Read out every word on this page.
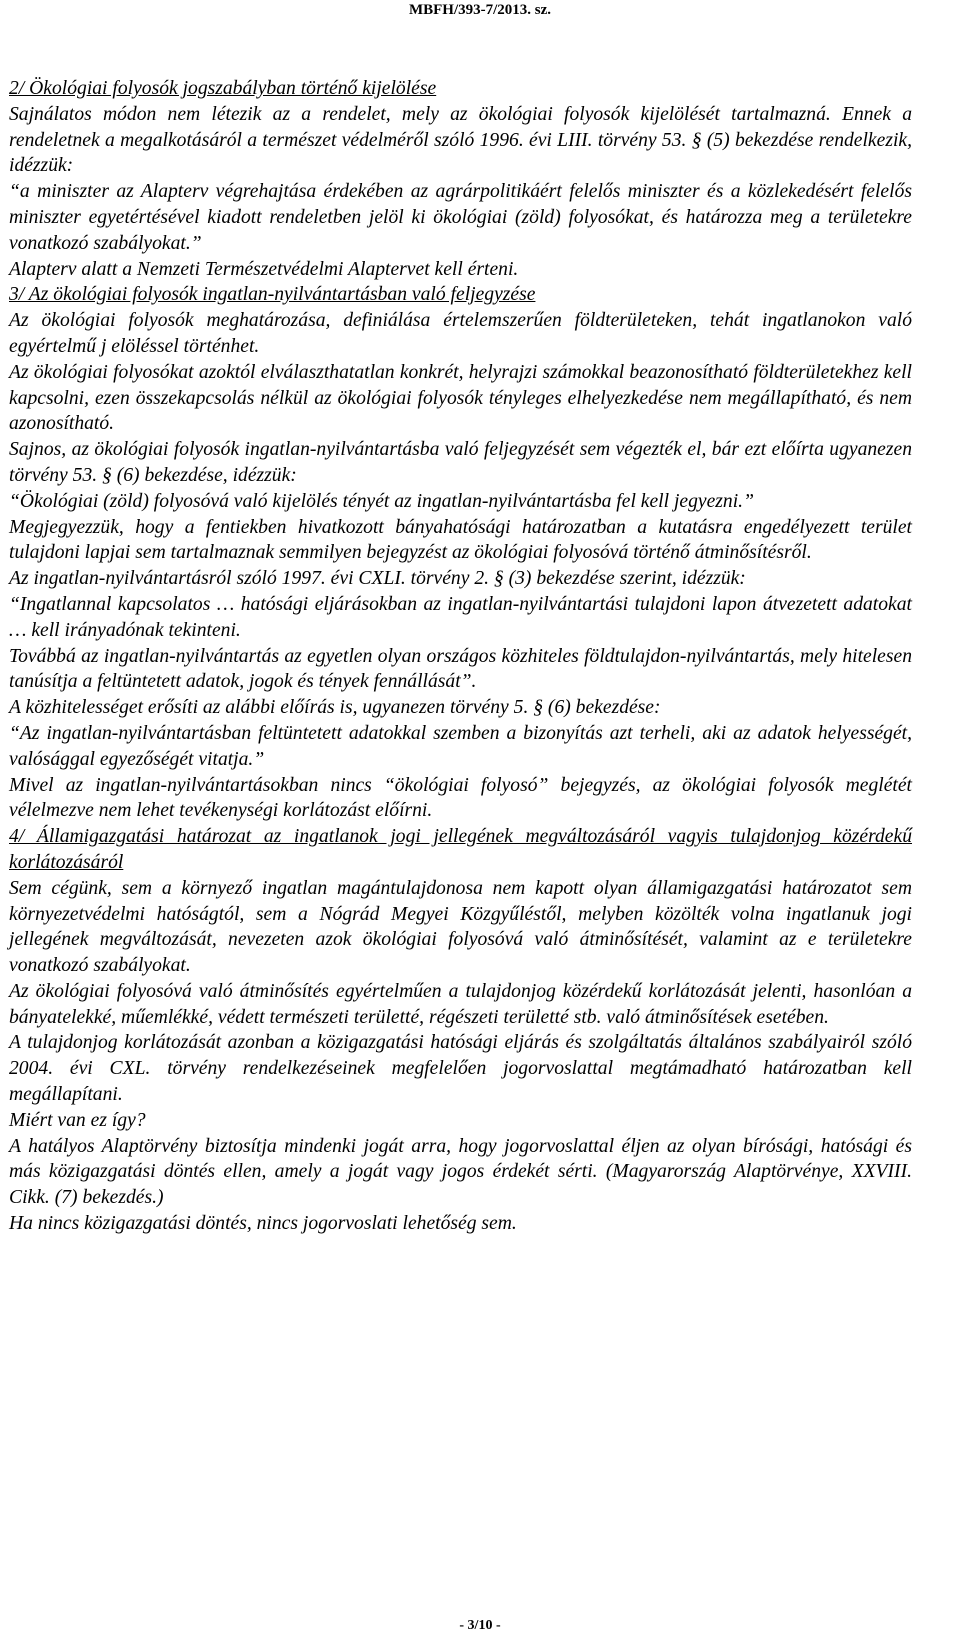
MBFH/393-7/2013. sz.

2/ Ökológiai folyosók jogszabályban történő kijelölése

Sajnálatos módon nem létezik az a rendelet, mely az ökológiai folyosók kijelölését tartalmazná. Ennek a rendeletnek a megalkotásáról a természet védelméről szóló 1996. évi LIII. törvény 53. § (5) bekezdése rendelkezik, idézzük:

“a miniszter az Alapterv végrehajtása érdekében az agrárpolitikáért felelős miniszter és a közlekedésért felelős miniszter egyetértésével kiadott rendeletben jelöl ki ökológiai (zöld) folyosókat, és határozza meg a területekre vonatkozó szabályokat.”

Alapterv alatt a Nemzeti Természetvédelmi Alaptervet kell érteni.

3/ Az ökológiai folyosók ingatlan-nyilvántartásban való feljegyzése

Az ökológiai folyosók meghatározása, definiálása értelemszerűen földterületeken, tehát ingatlanokon való egyértelmű j elöléssel történhet.

Az ökológiai folyosókat azoktól elválaszthatatlan konkrét, helyrajzi számokkal beazonosítható földterületekhez kell kapcsolni, ezen összekapcsolás nélkül az ökológiai folyosók tényleges elhelyezkedése nem megállapítható, és nem azonosítható.

Sajnos, az ökológiai folyosók ingatlan-nyilvántartásba való feljegyzését sem végezték el, bár ezt előírta ugyanezen törvény 53. § (6) bekezdése, idézzük:

“Ökológiai (zöld) folyosóvá való kijelölés tényét az ingatlan-nyilvántartásba fel kell jegyezni.”

Megjegyezzük, hogy a fentiekben hivatkozott bányahatósági határozatban a kutatásra engedélyezett terület tulajdoni lapjai sem tartalmaznak semmilyen bejegyzést az ökológiai folyosóvá történő átminősítésről.

Az ingatlan-nyilvántartásról szóló 1997. évi CXLI. törvény 2. § (3) bekezdése szerint, idézzük:

“Ingatlannal kapcsolatos … hatósági eljárásokban az ingatlan-nyilvántartási tulajdoni lapon átvezetett adatokat … kell irányadónak tekinteni.

Továbbá az ingatlan-nyilvántartás az egyetlen olyan országos közhiteles földtulajdon-nyilvántartás, mely hitelesen tanúsítja a feltüntetett adatok, jogok és tények fennállását”.

A közhitelességet erősíti az alábbi előírás is, ugyanezen törvény 5. § (6) bekezdése:

“Az ingatlan-nyilvántartásban feltüntetett adatokkal szemben a bizonyítás azt terheli, aki az adatok helyességét, valósággal egyezőségét vitatja.”

Mivel az ingatlan-nyilvántartásokban nincs “ökológiai folyosó” bejegyzés, az ökológiai folyosók meglétét vélelmezve nem lehet tevékenységi korlátozást előírni.

4/ Államigazgatási határozat az ingatlanok jogi jellegének megváltozásáról vagyis tulajdonjog közérdekű korlátozásáról

Sem cégünk, sem a környező ingatlan magántulajdonosa nem kapott olyan államigazgatási határozatot sem környezetvédelmi hatóságtól, sem a Nógrád Megyei Közgyűléstől, melyben közölték volna ingatlanuk jogi jellegének megváltozását, nevezeten azok ökológiai folyosóvá való átminősítését, valamint az e területekre vonatkozó szabályokat.

Az ökológiai folyosóvá való átminősítés egyértelműen a tulajdonjog közérdekű korlátozását jelenti, hasonlóan a bányatelekké, műemlékké, védett természeti területté, régészeti területté stb. való átminősítések esetében.

A tulajdonjog korlátozását azonban a közigazgatási hatósági eljárás és szolgáltatás általános szabályairól szóló 2004. évi CXL. törvény rendelkezéseinek megfelelően jogorvoslattal megtámadható határozatban kell megállapítani.

Miért van ez így?

A hatályos Alaptörvény biztosítja mindenki jogát arra, hogy jogorvoslattal éljen az olyan bírósági, hatósági és más közigazgatási döntés ellen, amely a jogát vagy jogos érdekét sérti. (Magyarország Alaptörvénye, XXVIII. Cikk. (7) bekezdés.)

Ha nincs közigazgatási döntés, nincs jogorvoslati lehetőség sem.

- 3/10 -
